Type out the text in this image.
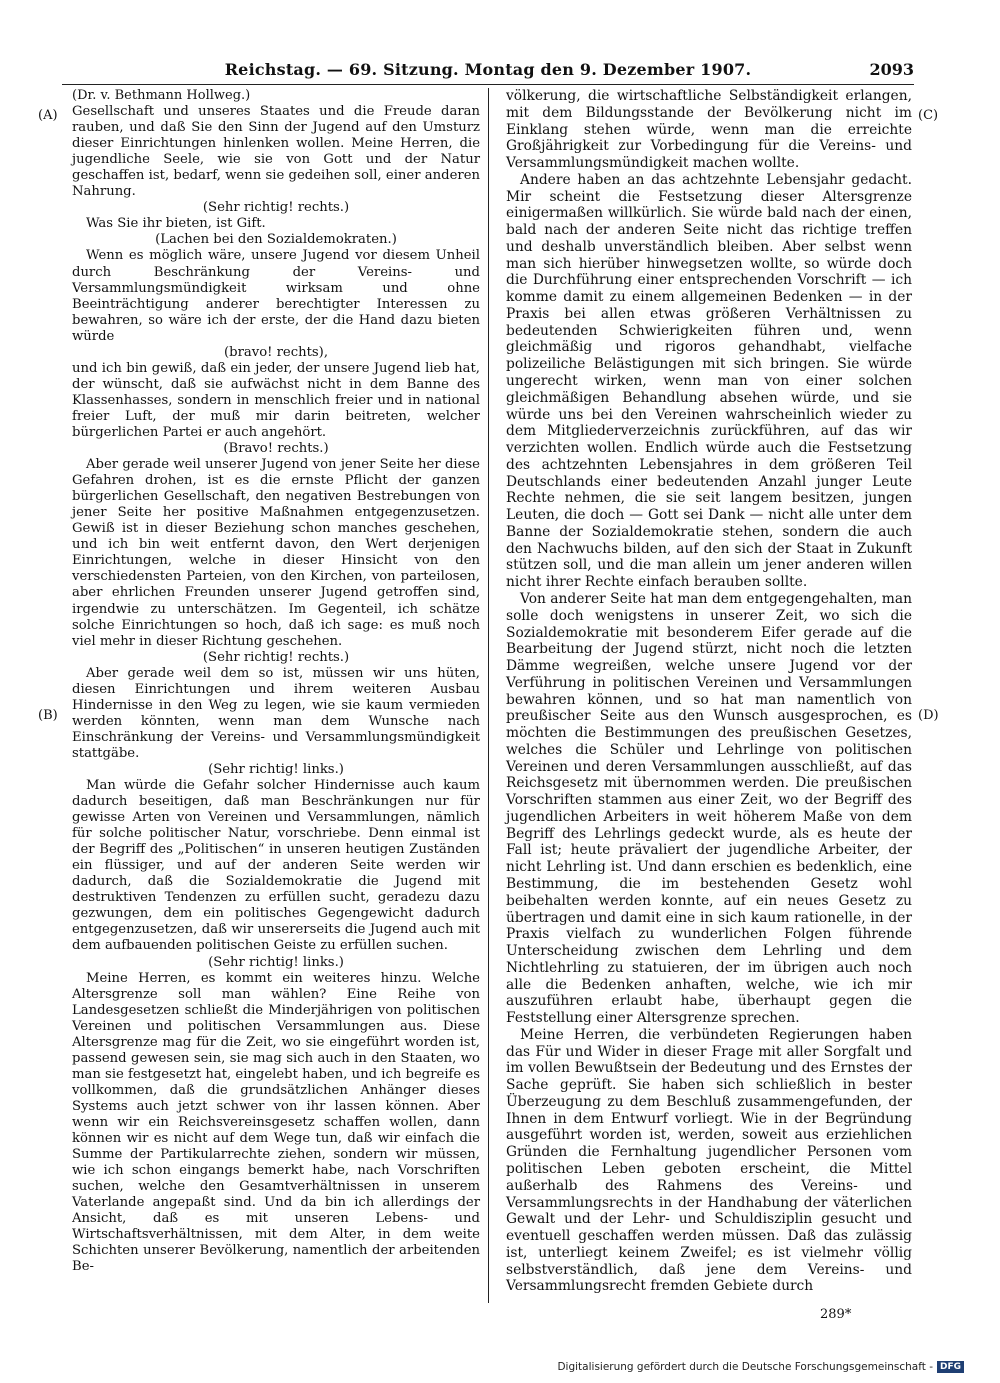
Reichstag. — 69. Sitzung. Montag den 9. Dezember 1907.	2093
(A)
(B)
(C)
(D)

(Dr. v. Bethmann Hollweg.)

Gesellschaft und unseres Staates und die Freude daran rauben, und daß Sie den Sinn der Jugend auf den Umsturz dieser Einrichtungen hinlenken wollen. Meine Herren, die jugendliche Seele, wie sie von Gott und der Natur geschaffen ist, bedarf, wenn sie gedeihen soll, einer anderen Nahrung.

(Sehr richtig! rechts.)

Was Sie ihr bieten, ist Gift.

(Lachen bei den Sozialdemokraten.)

Wenn es möglich wäre, unsere Jugend vor diesem Unheil durch Beschränkung der Vereins- und Versammlungsmündigkeit wirksam und ohne Beeinträchtigung anderer berechtigter Interessen zu bewahren, so wäre ich der erste, der die Hand dazu bieten würde

(bravo! rechts),

und ich bin gewiß, daß ein jeder, der unsere Jugend lieb hat, der wünscht, daß sie aufwächst nicht in dem Banne des Klassenhasses, sondern in menschlich freier und in national freier Luft, der muß mir darin beitreten, welcher bürgerlichen Partei er auch angehört.

(Bravo! rechts.)

Aber gerade weil unserer Jugend von jener Seite her diese Gefahren drohen, ist es die ernste Pflicht der ganzen bürgerlichen Gesellschaft, den negativen Bestrebungen von jener Seite her positive Maßnahmen entgegenzusetzen. Gewiß ist in dieser Beziehung schon manches geschehen, und ich bin weit entfernt davon, den Wert derjenigen Einrichtungen, welche in dieser Hinsicht von den verschiedensten Parteien, von den Kirchen, von parteilosen, aber ehrlichen Freunden unserer Jugend getroffen sind, irgendwie zu unterschätzen. Im Gegenteil, ich schätze solche Einrichtungen so hoch, daß ich sage: es muß noch viel mehr in dieser Richtung geschehen.

(Sehr richtig! rechts.)

Aber gerade weil dem so ist, müssen wir uns hüten, diesen Einrichtungen und ihrem weiteren Ausbau Hindernisse in den Weg zu legen, wie sie kaum vermieden werden könnten, wenn man dem Wunsche nach Einschränkung der Vereins- und Versammlungsmündigkeit stattgäbe.

(Sehr richtig! links.)

Man würde die Gefahr solcher Hindernisse auch kaum dadurch beseitigen, daß man Beschränkungen nur für gewisse Arten von Vereinen und Versammlungen, nämlich für solche politischer Natur, vorschriebe. Denn einmal ist der Begriff des „Politischen“ in unseren heutigen Zuständen ein flüssiger, und auf der anderen Seite werden wir dadurch, daß die Sozialdemokratie die Jugend mit destruktiven Tendenzen zu erfüllen sucht, geradezu dazu gezwungen, dem ein politisches Gegengewicht dadurch entgegenzusetzen, daß wir unsererseits die Jugend auch mit dem aufbauenden politischen Geiste zu erfüllen suchen.

(Sehr richtig! links.)

Meine Herren, es kommt ein weiteres hinzu. Welche Altersgrenze soll man wählen? Eine Reihe von Landesgesetzen schließt die Minderjährigen von politischen Vereinen und politischen Versammlungen aus. Diese Altersgrenze mag für die Zeit, wo sie eingeführt worden ist, passend gewesen sein, sie mag sich auch in den Staaten, wo man sie festgesetzt hat, eingelebt haben, und ich begreife es vollkommen, daß die grundsätzlichen Anhänger dieses Systems auch jetzt schwer von ihr lassen können. Aber wenn wir ein Reichsvereinsgesetz schaffen wollen, dann können wir es nicht auf dem Wege tun, daß wir einfach die Summe der Partikularrechte ziehen, sondern wir müssen, wie ich schon eingangs bemerkt habe, nach Vorschriften suchen, welche den Gesamtverhältnissen in unserem Vaterlande angepaßt sind. Und da bin ich allerdings der Ansicht, daß es mit unseren Lebens- und Wirtschaftsverhältnissen, mit dem Alter, in dem weite Schichten unserer Bevölkerung, namentlich der arbeitenden Be-

völkerung, die wirtschaftliche Selbständigkeit erlangen, mit dem Bildungsstande der Bevölkerung nicht im Einklang stehen würde, wenn man die erreichte Großjährigkeit zur Vorbedingung für die Vereins- und Versammlungsmündigkeit machen wollte.

Andere haben an das achtzehnte Lebensjahr gedacht. Mir scheint die Festsetzung dieser Altersgrenze einigermaßen willkürlich. Sie würde bald nach der einen, bald nach der anderen Seite nicht das richtige treffen und deshalb unverständlich bleiben. Aber selbst wenn man sich hierüber hinwegsetzen wollte, so würde doch die Durchführung einer entsprechenden Vorschrift — ich komme damit zu einem allgemeinen Bedenken — in der Praxis bei allen etwas größeren Verhältnissen zu bedeutenden Schwierigkeiten führen und, wenn gleichmäßig und rigoros gehandhabt, vielfache polizeiliche Belästigungen mit sich bringen. Sie würde ungerecht wirken, wenn man von einer solchen gleichmäßigen Behandlung absehen würde, und sie würde uns bei den Vereinen wahrscheinlich wieder zu dem Mitgliederverzeichnis zurückführen, auf das wir verzichten wollen. Endlich würde auch die Festsetzung des achtzehnten Lebensjahres in dem größeren Teil Deutschlands einer bedeutenden Anzahl junger Leute Rechte nehmen, die sie seit langem besitzen, jungen Leuten, die doch — Gott sei Dank — nicht alle unter dem Banne der Sozialdemokratie stehen, sondern die auch den Nachwuchs bilden, auf den sich der Staat in Zukunft stützen soll, und die man allein um jener anderen willen nicht ihrer Rechte einfach berauben sollte.

Von anderer Seite hat man dem entgegengehalten, man solle doch wenigstens in unserer Zeit, wo sich die Sozialdemokratie mit besonderem Eifer gerade auf die Bearbeitung der Jugend stürzt, nicht noch die letzten Dämme wegreißen, welche unsere Jugend vor der Verführung in politischen Vereinen und Versammlungen bewahren können, und so hat man namentlich von preußischer Seite aus den Wunsch ausgesprochen, es möchten die Bestimmungen des preußischen Gesetzes, welches die Schüler und Lehrlinge von politischen Vereinen und deren Versammlungen ausschließt, auf das Reichsgesetz mit übernommen werden. Die preußischen Vorschriften stammen aus einer Zeit, wo der Begriff des jugendlichen Arbeiters in weit höherem Maße von dem Begriff des Lehrlings gedeckt wurde, als es heute der Fall ist; heute prävaliert der jugendliche Arbeiter, der nicht Lehrling ist. Und dann erschien es bedenklich, eine Bestimmung, die im bestehenden Gesetz wohl beibehalten werden konnte, auf ein neues Gesetz zu übertragen und damit eine in sich kaum rationelle, in der Praxis vielfach zu wunderlichen Folgen führende Unterscheidung zwischen dem Lehrling und dem Nichtlehrling zu statuieren, der im übrigen auch noch alle die Bedenken anhaften, welche, wie ich mir auszuführen erlaubt habe, überhaupt gegen die Feststellung einer Altersgrenze sprechen.

Meine Herren, die verbündeten Regierungen haben das Für und Wider in dieser Frage mit aller Sorgfalt und im vollen Bewußtsein der Bedeutung und des Ernstes der Sache geprüft. Sie haben sich schließlich in bester Überzeugung zu dem Beschluß zusammengefunden, der Ihnen in dem Entwurf vorliegt. Wie in der Begründung ausgeführt worden ist, werden, soweit aus erziehlichen Gründen die Fernhaltung jugendlicher Personen vom politischen Leben geboten erscheint, die Mittel außerhalb des Rahmens des Vereins- und Versammlungsrechts in der Handhabung der väterlichen Gewalt und der Lehr- und Schuldisziplin gesucht und eventuell geschaffen werden müssen. Daß das zulässig ist, unterliegt keinem Zweifel; es ist vielmehr völlig selbstverständlich, daß jene dem Vereins- und Versammlungsrecht fremden Gebiete durch

289*
Digitalisierung gefördert durch die Deutsche Forschungsgemeinschaft - DFG
